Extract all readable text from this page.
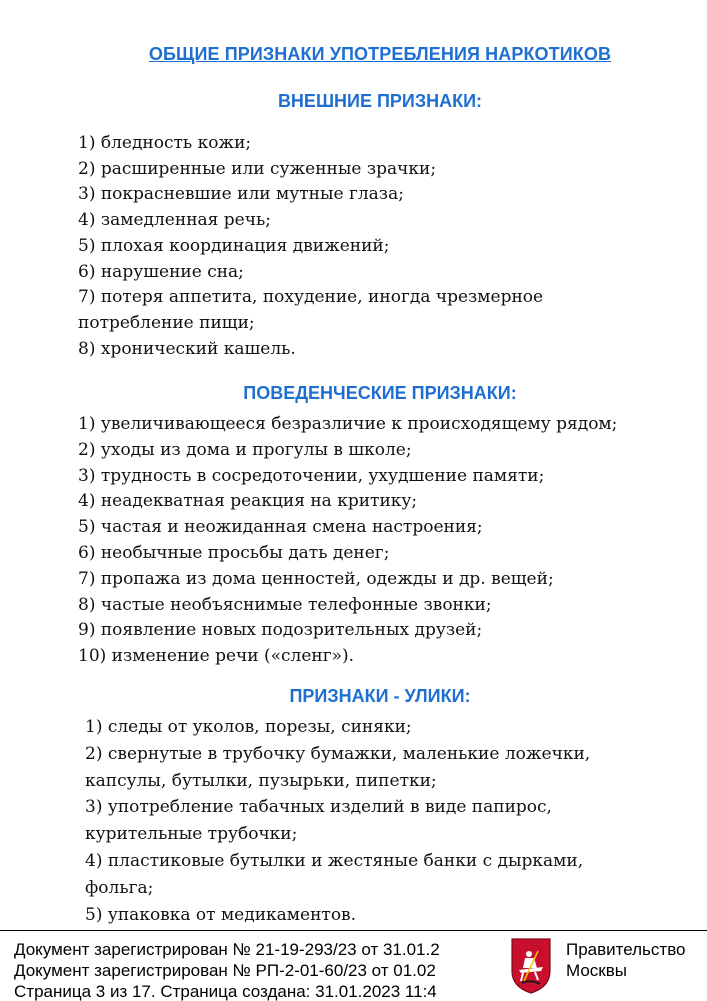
ОБЩИЕ ПРИЗНАКИ УПОТРЕБЛЕНИЯ НАРКОТИКОВ
ВНЕШНИЕ ПРИЗНАКИ:
1) бледность кожи;
2) расширенные или суженные зрачки;
3) покрасневшие или мутные глаза;
4) замедленная речь;
5) плохая координация движений;
6) нарушение сна;
7) потеря аппетита, похудение, иногда чрезмерное
потребление пищи;
8) хронический кашель.
ПОВЕДЕНЧЕСКИЕ ПРИЗНАКИ:
1) увеличивающееся безразличие к происходящему рядом;
2) уходы из дома и прогулы в школе;
3) трудность в сосредоточении, ухудшение памяти;
4) неадекватная реакция на критику;
5) частая и неожиданная смена настроения;
6) необычные просьбы дать денег;
7) пропажа из дома ценностей, одежды и др. вещей;
8) частые необъяснимые телефонные звонки;
9) появление новых подозрительных друзей;
10) изменение речи («сленг»).
ПРИЗНАКИ - УЛИКИ:
1) следы от уколов, порезы, синяки;
2) свернутые в трубочку бумажки, маленькие ложечки,
капсулы, бутылки, пузырьки, пипетки;
3) употребление табачных изделий в виде папирос,
курительные трубочки;
4) пластиковые бутылки и жестяные банки с дырками,
фольга;
5) упаковка от медикаментов.
Документ зарегистрирован № 21-19-293/23 от 31.01.2
Документ зарегистрирован № РП-2-01-60/23 от 01.02
Страница 3 из 17. Страница создана: 31.01.2023 11:4
Правительство
Москвы
